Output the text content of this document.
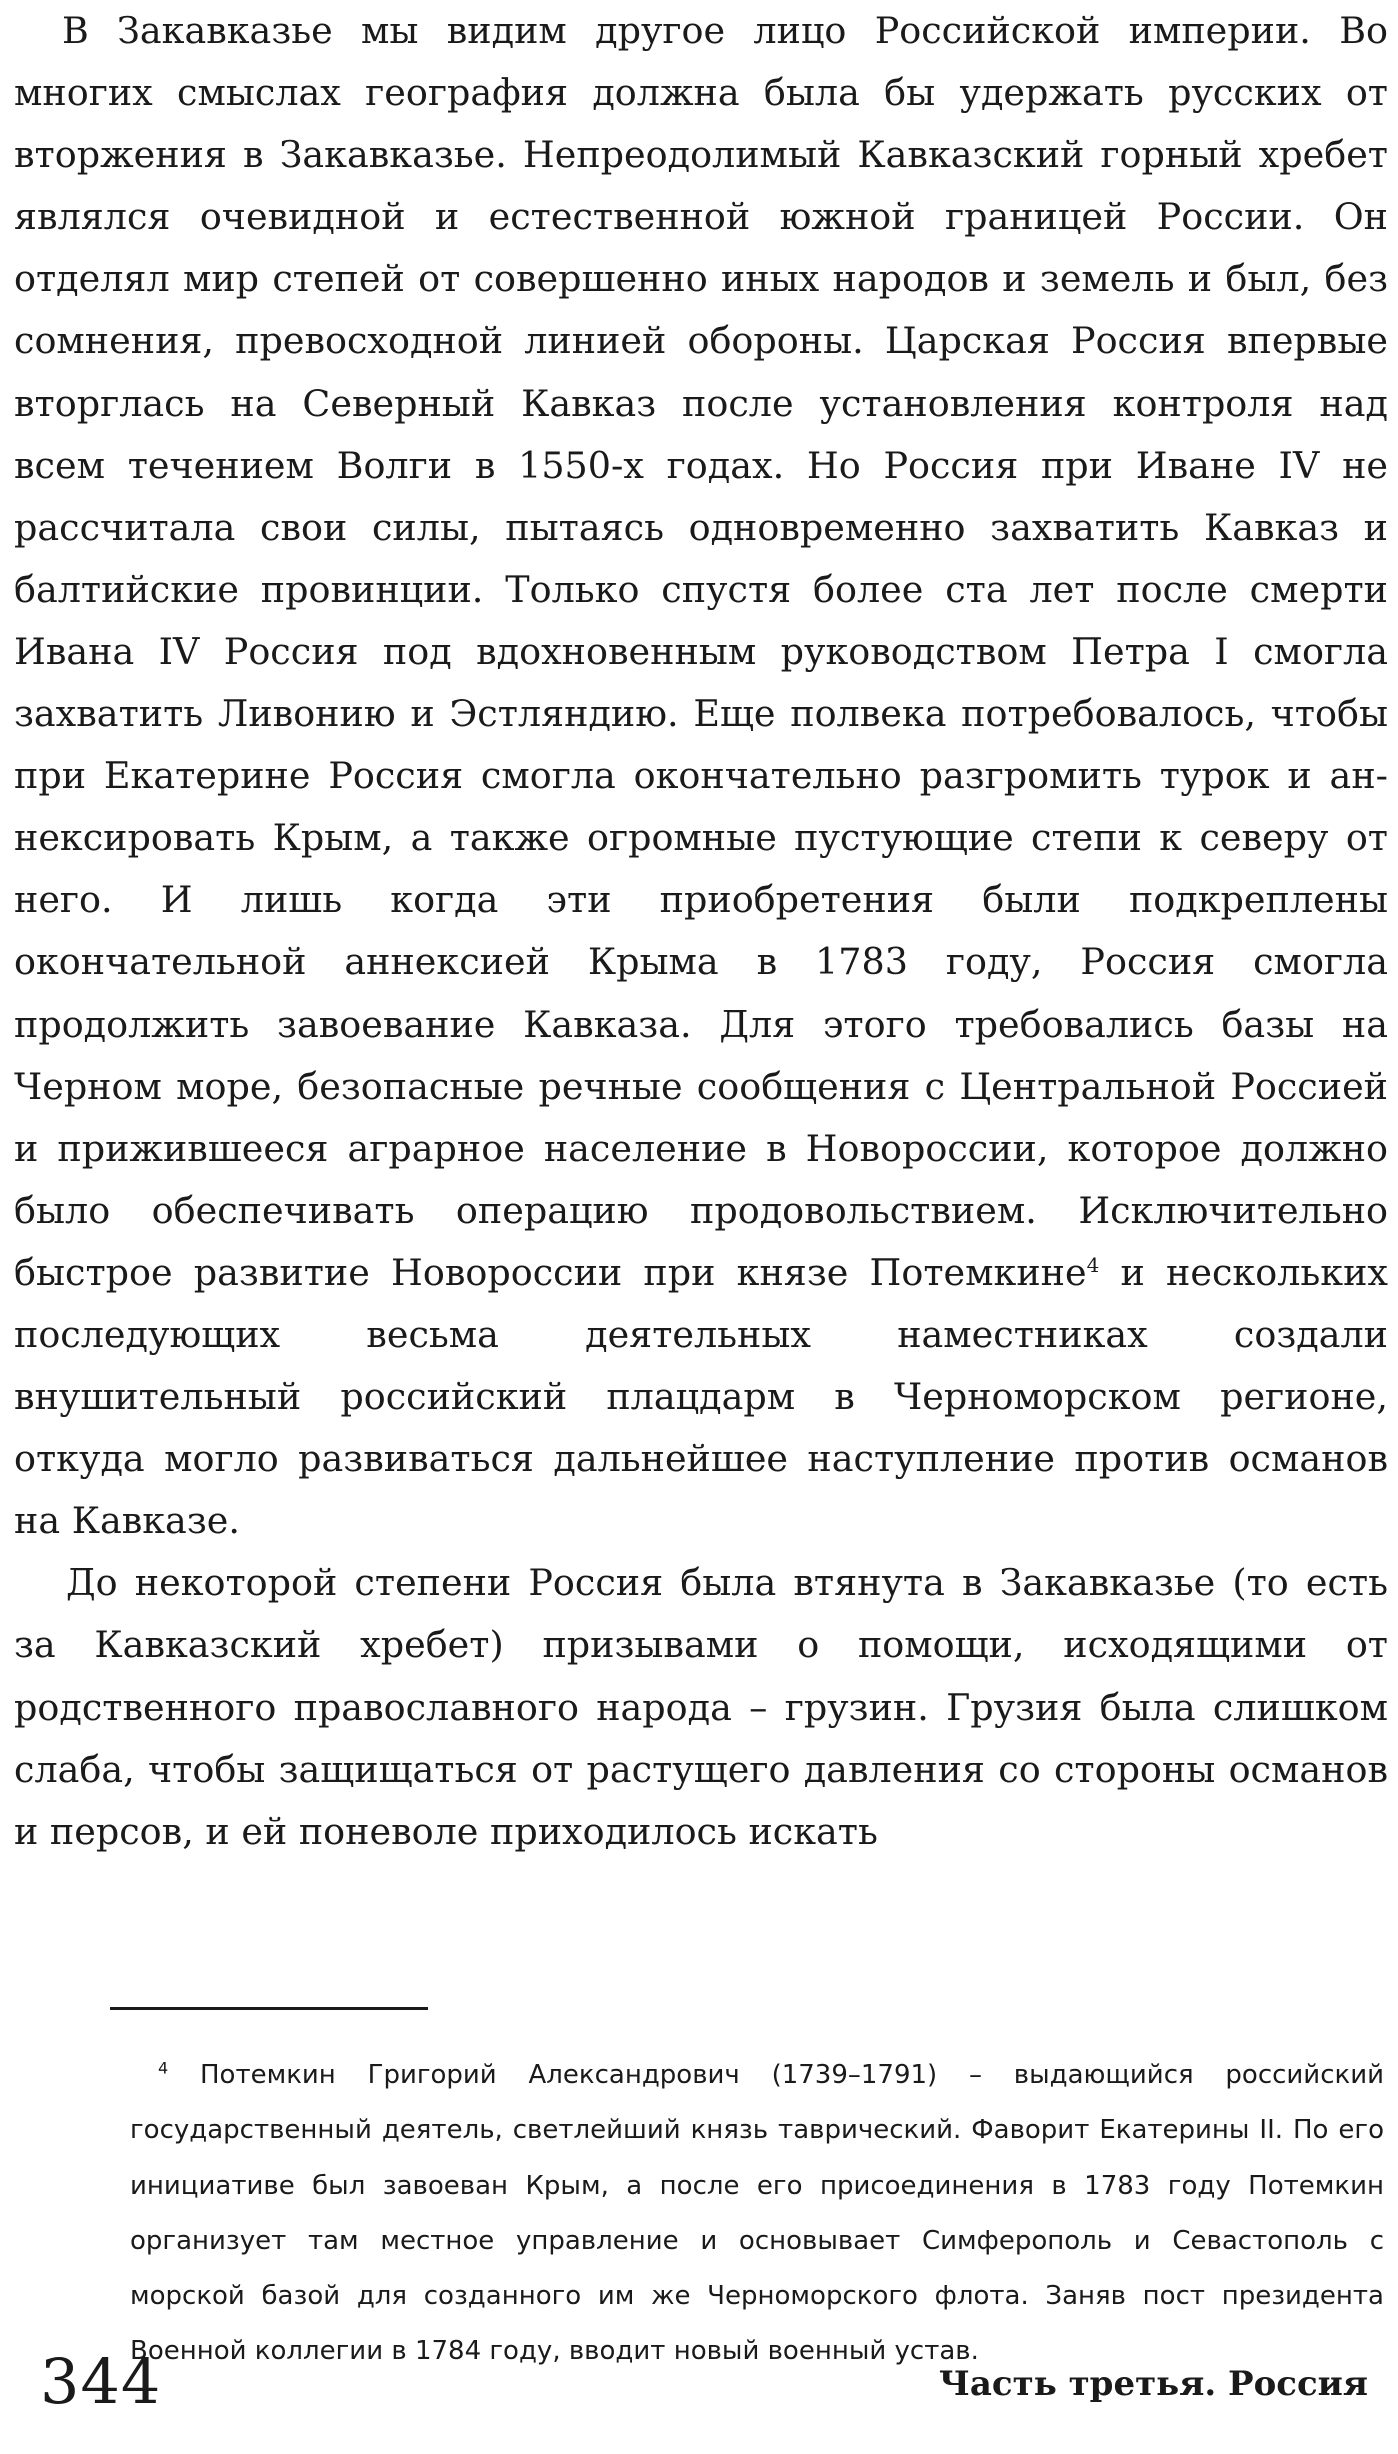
В Закавказье мы видим другое лицо Российской империи. Во многих смыслах география должна была бы удержать русских от вторжения в Закавказье. Непреодолимый Кавказский горный хребет являлся очевидной и естественной южной границей России. Он отделял мир степей от совершенно иных народов и земель и был, без сомнения, превосходной линией обороны. Царская Россия впервые вторглась на Северный Кавказ после установления контроля над всем течением Волги в 1550-х годах. Но Россия при Иване IV не рассчитала свои силы, пытаясь одновременно захватить Кавказ и балтийские провинции. Только спустя более ста лет после смерти Ивана IV Россия под вдохновенным руководством Петра I смогла захватить Ливонию и Эстляндию. Еще полвека потребовалось, чтобы при Екатерине Россия смогла окончательно разгромить турок и аннексировать Крым, а также огромные пустующие степи к северу от него. И лишь когда эти приобретения были подкреплены окончательной аннексией Крыма в 1783 году, Россия смогла продолжить завоевание Кавказа. Для этого требовались базы на Черном море, безопасные речные сообщения с Центральной Россией и прижившееся аграрное население в Новороссии, которое должно было обеспечивать операцию продовольствием. Исключительно быстрое развитие Новороссии при князе Потемкине$^4$ и нескольких последующих весьма деятельных наместниках создали внушительный российский плацдарм в Черноморском регионе, откуда могло развиваться дальнейшее наступление против османов на Кавказе.

До некоторой степени Россия была втянута в Закавказье (то есть за Кавказский хребет) призывами о помощи, исходящими от родственного православного народа – грузин. Грузия была слишком слаба, чтобы защищаться от растущего давления со стороны османов и персов, и ей поневоле приходилось искать

$^4$ Потемкин Григорий Александрович (1739–1791) – выдающийся российский государственный деятель, светлейший князь таврический. Фаворит Екатерины II. По его инициативе был завоеван Крым, а после его присоединения в 1783 году Потемкин организует там местное управление и основывает Симферополь и Севастополь с морской базой для созданного им же Черноморского флота. Заняв пост президента Военной коллегии в 1784 году, вводит новый военный устав.

344	Часть третья. Россия
